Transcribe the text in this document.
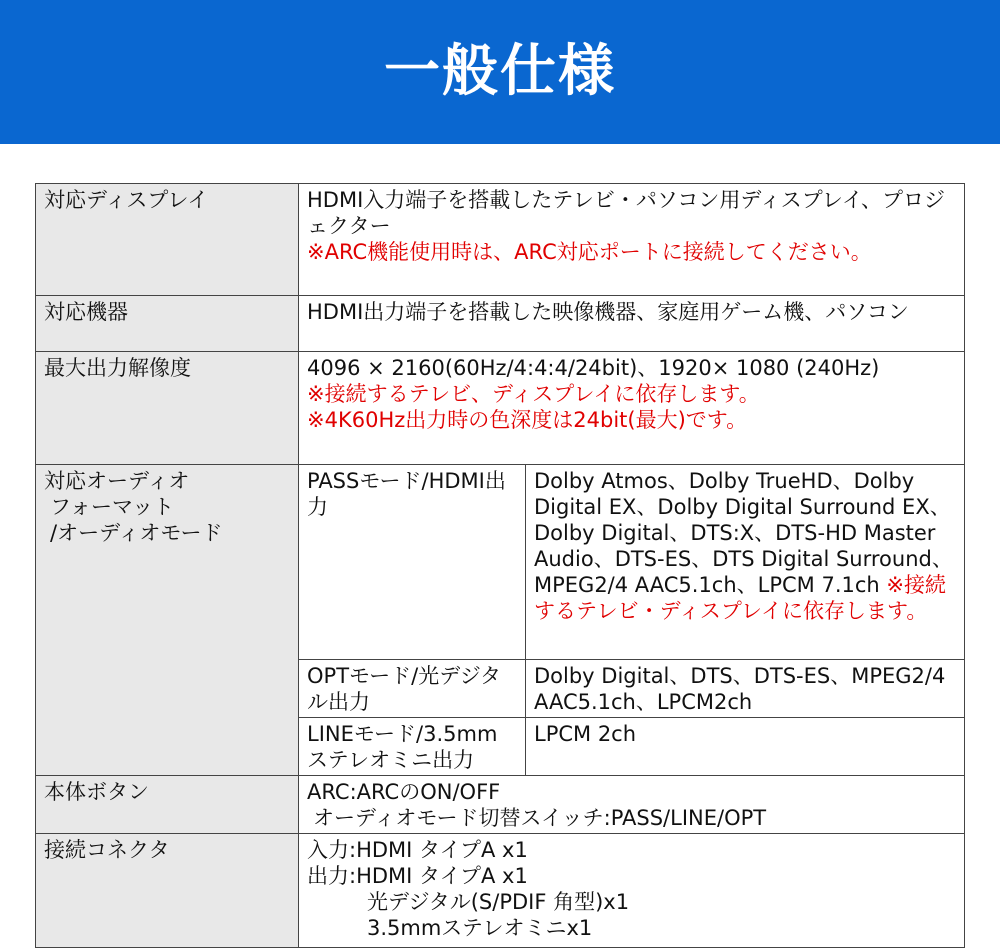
一般仕様
対応ディスプレイ	HDMI入力端子を搭載したテレビ・パソコン用ディスプレイ、プロジェクター
※ARC機能使用時は、ARC対応ポートに接続してください。	

対応機器	HDMI出力端子を搭載した映像機器、家庭用ゲーム機、パソコン	
最大出力解像度	4096 × 2160(60Hz/4:4:4/24bit)、1920× 1080 (240Hz)
※接続するテレビ、ディスプレイに依存します。
※4K60Hz出力時の色深度は24bit(最大)です。	

対応オーディオ
フォーマット
/オーディオモード	PASSモード/HDMI出力	Dolby Atmos、Dolby TrueHD、Dolby Digital EX、Dolby Digital Surround EX、Dolby Digital、DTS:X、DTS-HD Master Audio、DTS-ES、DTS Digital Surround、MPEG2/4 AAC5.1ch、LPCM 7.1ch ※接続するテレビ・ディスプレイに依存します。
	OPTモード/光デジタル出力	Dolby Digital、DTS、DTS-ES、MPEG2/4 AAC5.1ch、LPCM2ch
	LINEモード/3.5mm ステレオミニ出力	LPCM 2ch
本体ボタン	ARC:ARCのON/OFF
オーディオモード切替スイッチ:PASS/LINE/OPT	

接続コネクタ	入力:HDMI タイプA x1
出力:HDMI タイプA x1
光デジタル(S/PDIF 角型)x1
3.5mmステレオミニx1	
